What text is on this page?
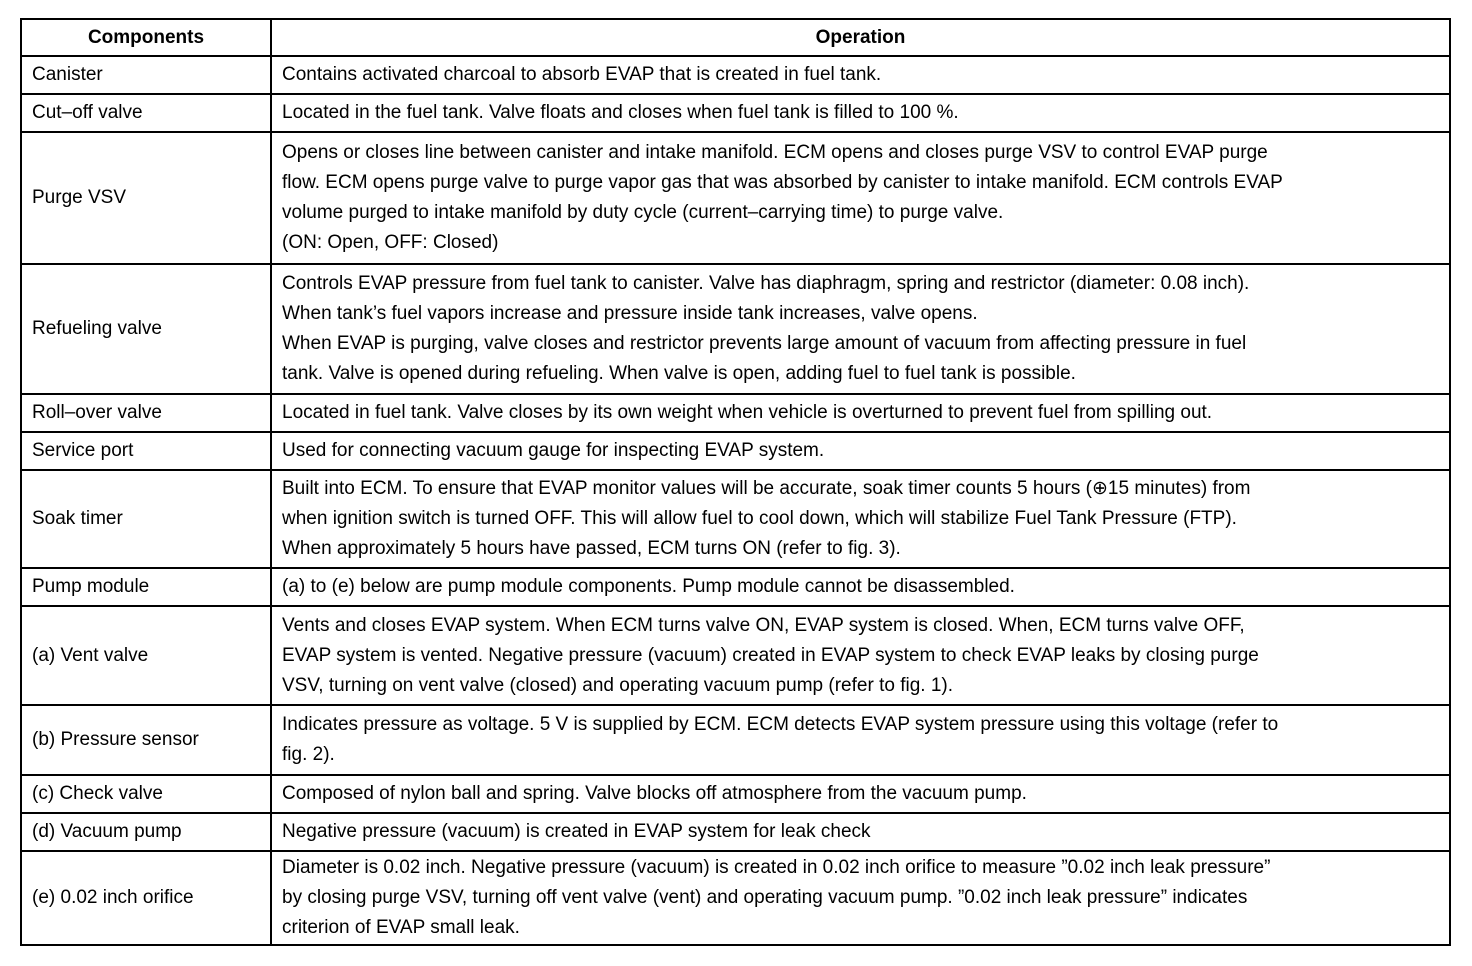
Components	Operation
Canister	Contains activated charcoal to absorb EVAP that is created in fuel tank.

Cut–off valve	Located in the fuel tank. Valve floats and closes when fuel tank is filled to 100 %.

Purge VSV	Opens or closes line between canister and intake manifold. ECM opens and closes purge VSV to control EVAP purge
flow. ECM opens purge valve to purge vapor gas that was absorbed by canister to intake manifold. ECM controls EVAP
volume purged to intake manifold by duty cycle (current–carrying time) to purge valve.
(ON: Open, OFF: Closed)

Refueling valve	Controls EVAP pressure from fuel tank to canister. Valve has diaphragm, spring and restrictor (diameter: 0.08 inch).
When tank’s fuel vapors increase and pressure inside tank increases, valve opens.
When EVAP is purging, valve closes and restrictor prevents large amount of vacuum from affecting pressure in fuel
tank. Valve is opened during refueling. When valve is open, adding fuel to fuel tank is possible.

Roll–over valve	Located in fuel tank. Valve closes by its own weight when vehicle is overturned to prevent fuel from spilling out.

Service port	Used for connecting vacuum gauge for inspecting EVAP system.

Soak timer	Built into ECM. To ensure that EVAP monitor values will be accurate, soak timer counts 5 hours (⊕15 minutes) from
when ignition switch is turned OFF. This will allow fuel to cool down, which will stabilize Fuel Tank Pressure (FTP).
When approximately 5 hours have passed, ECM turns ON (refer to fig. 3).

Pump module	(a) to (e) below are pump module components. Pump module cannot be disassembled.

(a) Vent valve	Vents and closes EVAP system. When ECM turns valve ON, EVAP system is closed. When, ECM turns valve OFF,
EVAP system is vented. Negative pressure (vacuum) created in EVAP system to check EVAP leaks by closing purge
VSV, turning on vent valve (closed) and operating vacuum pump (refer to fig. 1).

(b) Pressure sensor	Indicates pressure as voltage. 5 V is supplied by ECM. ECM detects EVAP system pressure using this voltage (refer to
fig. 2).

(c) Check valve	Composed of nylon ball and spring. Valve blocks off atmosphere from the vacuum pump.

(d) Vacuum pump	Negative pressure (vacuum) is created in EVAP system for leak check

(e) 0.02 inch orifice	Diameter is 0.02 inch. Negative pressure (vacuum) is created in 0.02 inch orifice to measure ”0.02 inch leak pressure”
by closing purge VSV, turning off vent valve (vent) and operating vacuum pump. ”0.02 inch leak pressure” indicates
criterion of EVAP small leak.
